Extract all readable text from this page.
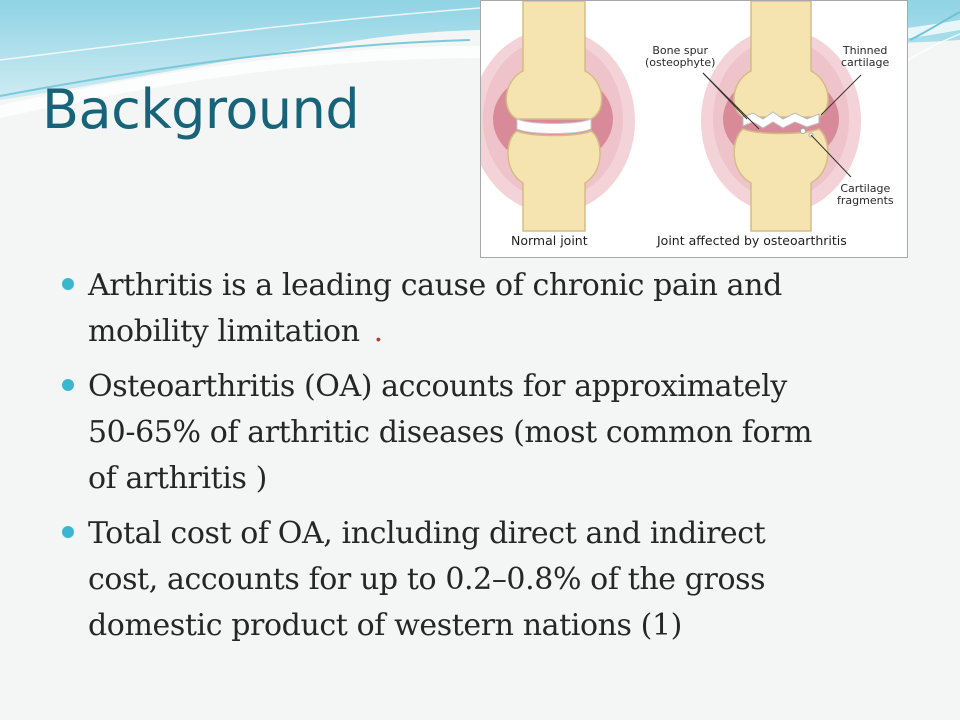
Background
Bone spur
(osteophyte)
Thinned
cartilage
Cartilage
fragments
Normal joint	Joint affected by osteoarthritis
Arthritis is a leading cause of chronic pain and
mobility limitation .
Osteoarthritis (OA) accounts for approximately
50-65% of arthritic diseases (most common form
of arthritis )
Total cost of OA, including direct and indirect
cost, accounts for up to 0.2–0.8% of the gross
domestic product of western nations (1)
